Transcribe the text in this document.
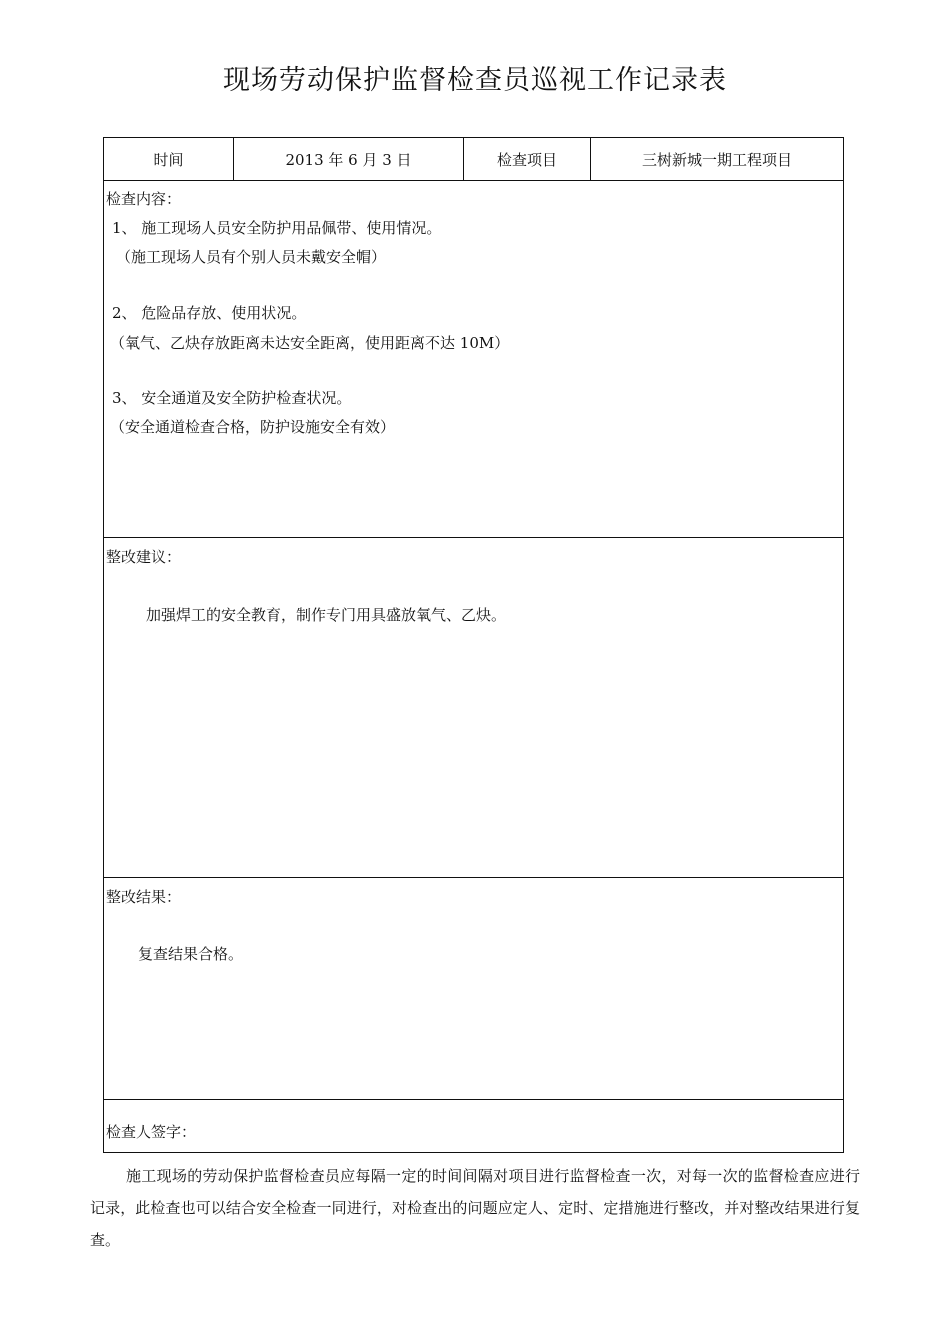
现场劳动保护监督检查员巡视工作记录表
时间	2013 年 6 月 3 日	检查项目	三树新城一期工程项目
检查内容：
1、 施工现场人员安全防护用品佩带、使用情况。
（施工现场人员有个别人员未戴安全帽）
2、 危险品存放、使用状况。
（氧气、乙炔存放距离未达安全距离，使用距离不达 10M）
3、 安全通道及安全防护检查状况。
（安全通道检查合格，防护设施安全有效）
整改建议：
加强焊工的安全教育，制作专门用具盛放氧气、乙炔。
整改结果：
复查结果合格。
检查人签字：
施工现场的劳动保护监督检查员应每隔一定的时间间隔对项目进行监督检查一次，对每一次的监督检查应进行记录，此检查也可以结合安全检查一同进行，对检查出的问题应定人、定时、定措施进行整改，并对整改结果进行复查。
